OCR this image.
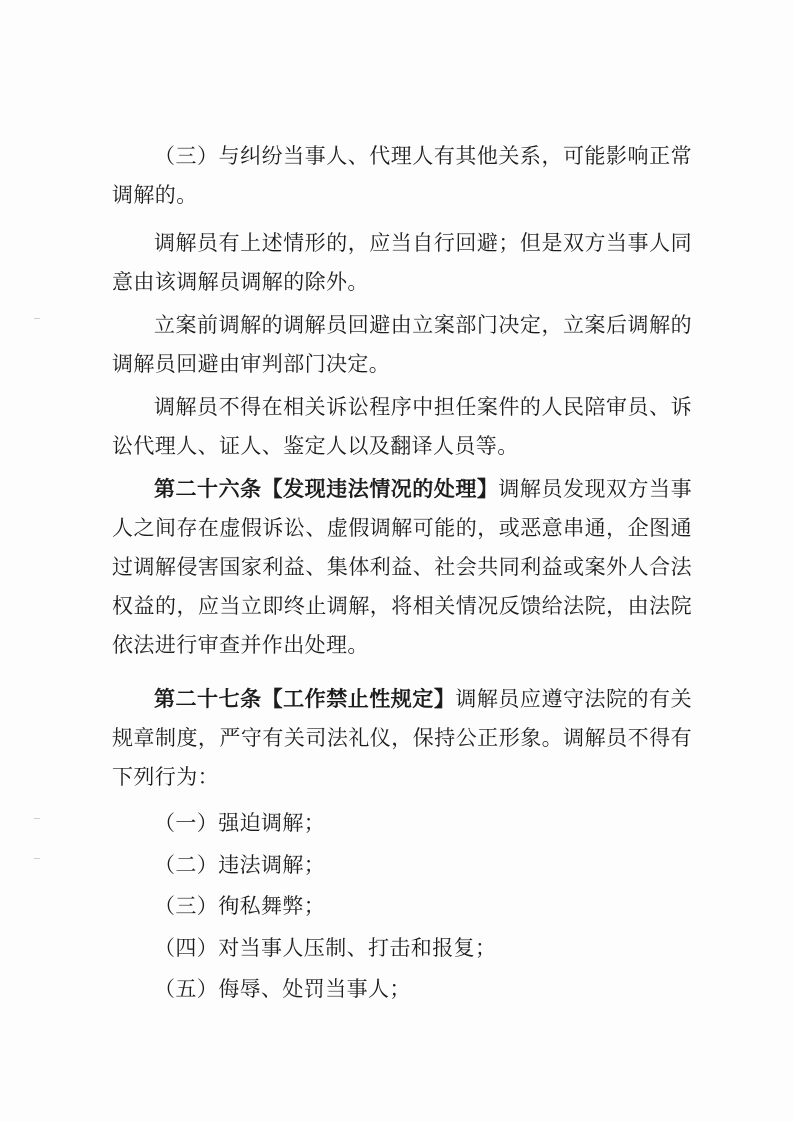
（三）与纠纷当事人、代理人有其他关系，可能影响正常调解的。

调解员有上述情形的，应当自行回避；但是双方当事人同意由该调解员调解的除外。

立案前调解的调解员回避由立案部门决定，立案后调解的调解员回避由审判部门决定。

调解员不得在相关诉讼程序中担任案件的人民陪审员、诉讼代理人、证人、鉴定人以及翻译人员等。

第二十六条【发现违法情况的处理】调解员发现双方当事人之间存在虚假诉讼、虚假调解可能的，或恶意串通，企图通过调解侵害国家利益、集体利益、社会共同利益或案外人合法权益的，应当立即终止调解，将相关情况反馈给法院，由法院依法进行审查并作出处理。

第二十七条【工作禁止性规定】调解员应遵守法院的有关规章制度，严守有关司法礼仪，保持公正形象。调解员不得有下列行为：

（一）强迫调解；

（二）违法调解；

（三）徇私舞弊；

（四）对当事人压制、打击和报复；

（五）侮辱、处罚当事人；
